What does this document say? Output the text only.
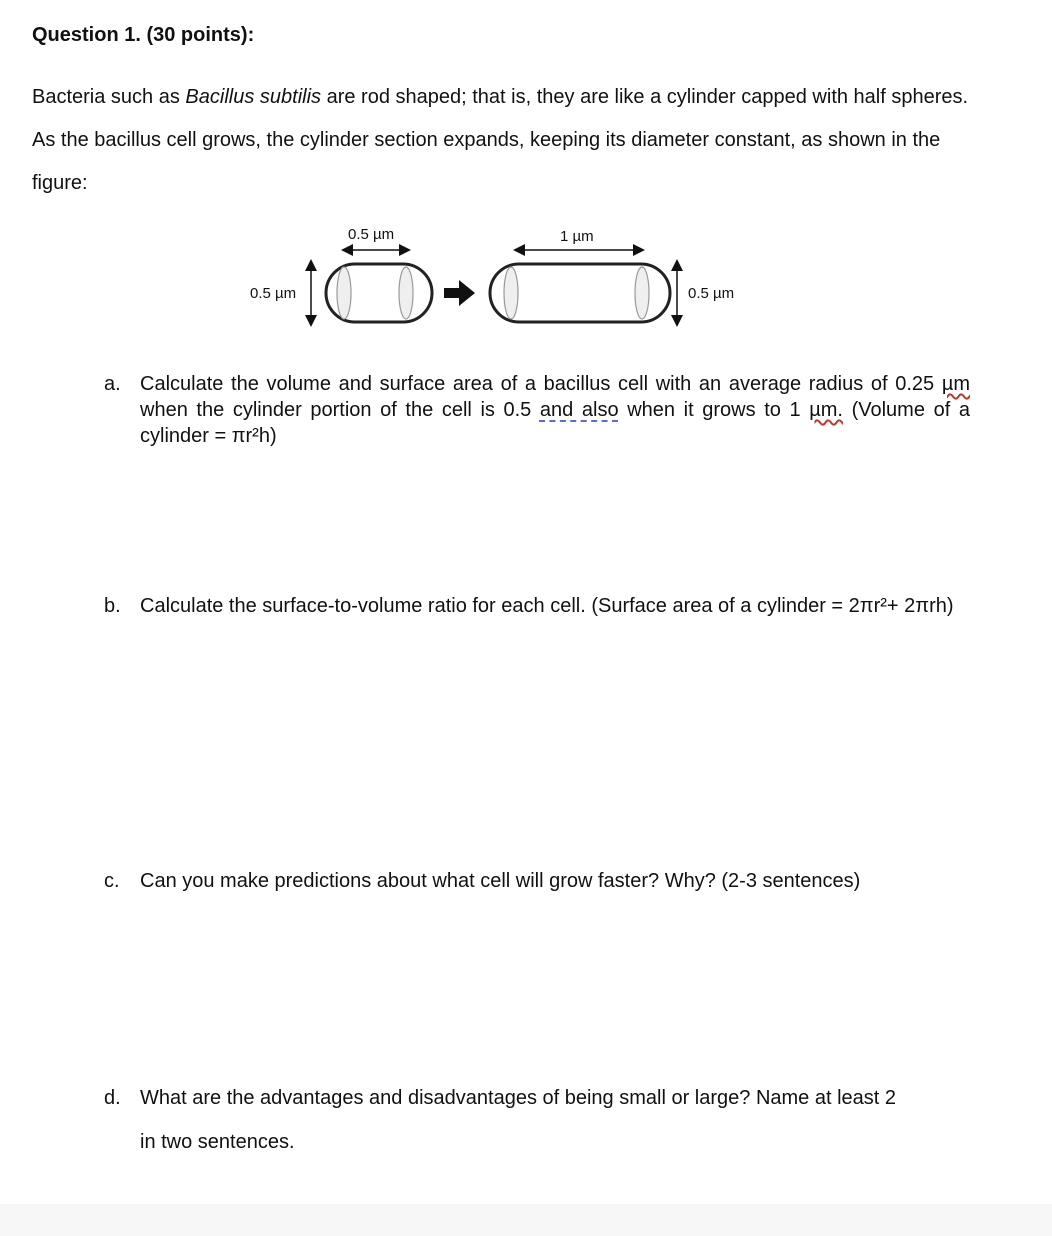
Question 1. (30 points):
Bacteria such as Bacillus subtilis are rod shaped; that is, they are like a cylinder capped with half spheres. As the bacillus cell grows, the cylinder section expands, keeping its diameter constant, as shown in the figure:
0.5 µm	1 µm
0.5 µm	0.5 µm
a. Calculate the volume and surface area of a bacillus cell with an average radius of 0.25 µm when the cylinder portion of the cell is 0.5 and also when it grows to 1 µm. (Volume of a cylinder = πr²h)
b. Calculate the surface-to-volume ratio for each cell. (Surface area of a cylinder = 2πr²+ 2πrh)
c. Can you make predictions about what cell will grow faster? Why? (2-3 sentences)
d. What are the advantages and disadvantages of being small or large? Name at least 2
in two sentences.
